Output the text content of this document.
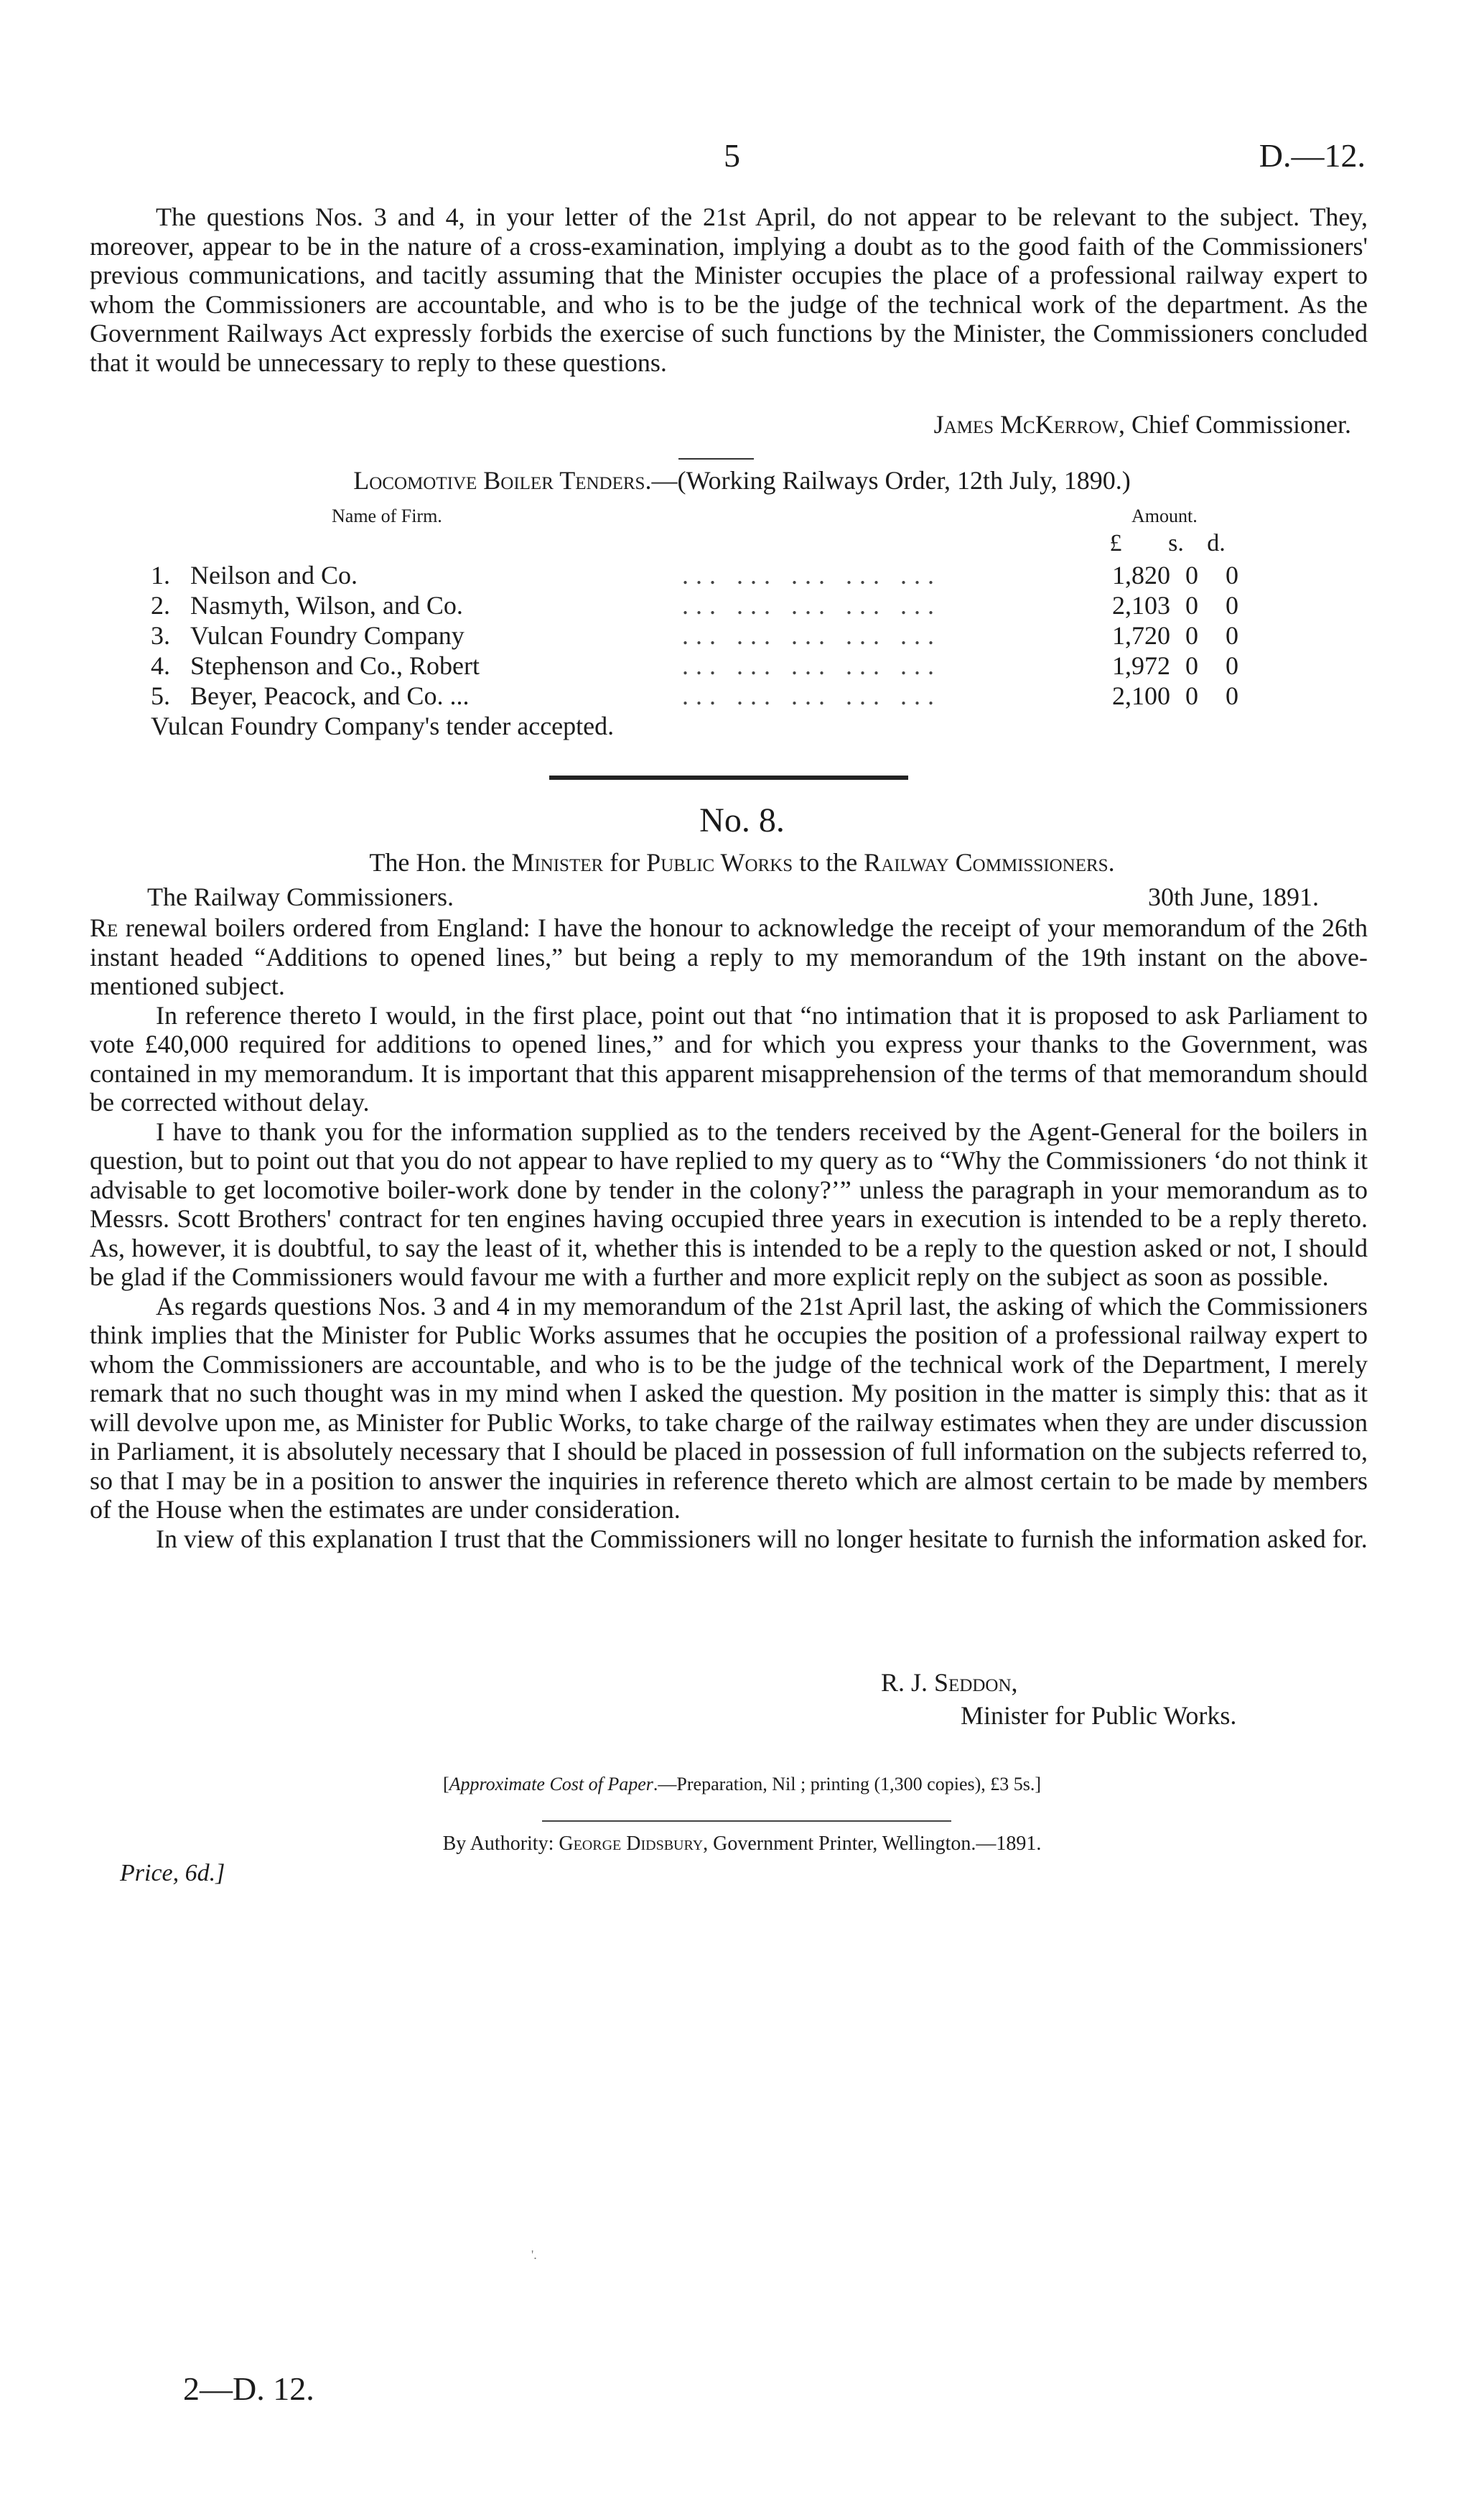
5	D.—12.

The questions Nos. 3 and 4, in your letter of the 21st April, do not appear to be relevant to the subject. They, moreover, appear to be in the nature of a cross-examination, implying a doubt as to the good faith of the Commissioners' previous communications, and tacitly assuming that the Minister occupies the place of a professional railway expert to whom the Commissioners are accountable, and who is to be the judge of the technical work of the department. As the Government Railways Act expressly forbids the exercise of such functions by the Minister, the Commissioners concluded that it would be unnecessary to reply to these questions.

James McKerrow, Chief Commissioner.
Locomotive Boiler Tenders.—(Working Railways Order, 12th July, 1890.)
Name of Firm.	Amount.
£	s. d.
1. Neilson and Co.	... ... ... ... ...	1,820 0	0
2. Nasmyth, Wilson, and Co.	... ... ... ... ...	2,103 0	0
3. Vulcan Foundry Company	... ... ... ... ...	1,720 0	0
4. Stephenson and Co., Robert	... ... ... ... ...	1,972 0	0
5. Beyer, Peacock, and Co. ...	... ... ... ... ...	2,100 0	0
Vulcan Foundry Company's tender accepted.
No. 8.
The Hon. the Minister for Public Works to the Railway Commissioners.
The Railway Commissioners.	30th June, 1891.

Re renewal boilers ordered from England: I have the honour to acknowledge the receipt of your memorandum of the 26th instant headed “Additions to opened lines,” but being a reply to my memorandum of the 19th instant on the above-mentioned subject.

In reference thereto I would, in the first place, point out that “no intimation that it is proposed to ask Parliament to vote £40,000 required for additions to opened lines,” and for which you express your thanks to the Government, was contained in my memorandum. It is important that this apparent misapprehension of the terms of that memorandum should be corrected without delay.

I have to thank you for the information supplied as to the tenders received by the Agent-General for the boilers in question, but to point out that you do not appear to have replied to my query as to “Why the Commissioners ‘do not think it advisable to get locomotive boiler-work done by tender in the colony?’” unless the paragraph in your memorandum as to Messrs. Scott Brothers' contract for ten engines having occupied three years in execution is intended to be a reply thereto. As, however, it is doubtful, to say the least of it, whether this is intended to be a reply to the question asked or not, I should be glad if the Commissioners would favour me with a further and more explicit reply on the subject as soon as possible.

As regards questions Nos. 3 and 4 in my memorandum of the 21st April last, the asking of which the Commissioners think implies that the Minister for Public Works assumes that he occupies the position of a professional railway expert to whom the Commissioners are accountable, and who is to be the judge of the technical work of the Department, I merely remark that no such thought was in my mind when I asked the question. My position in the matter is simply this: that as it will devolve upon me, as Minister for Public Works, to take charge of the railway estimates when they are under discussion in Parliament, it is absolutely necessary that I should be placed in possession of full information on the subjects referred to, so that I may be in a position to answer the inquiries in reference thereto which are almost certain to be made by members of the House when the estimates are under consideration.

In view of this explanation I trust that the Commissioners will no longer hesitate to furnish the information asked for.

R. J. Seddon,
Minister for Public Works.
[Approximate Cost of Paper.—Preparation, Nil ; printing (1,300 copies), £3 5s.]
By Authority: George Didsbury, Government Printer, Wellington.—1891.
Price, 6d.]
'.
2—D. 12.
